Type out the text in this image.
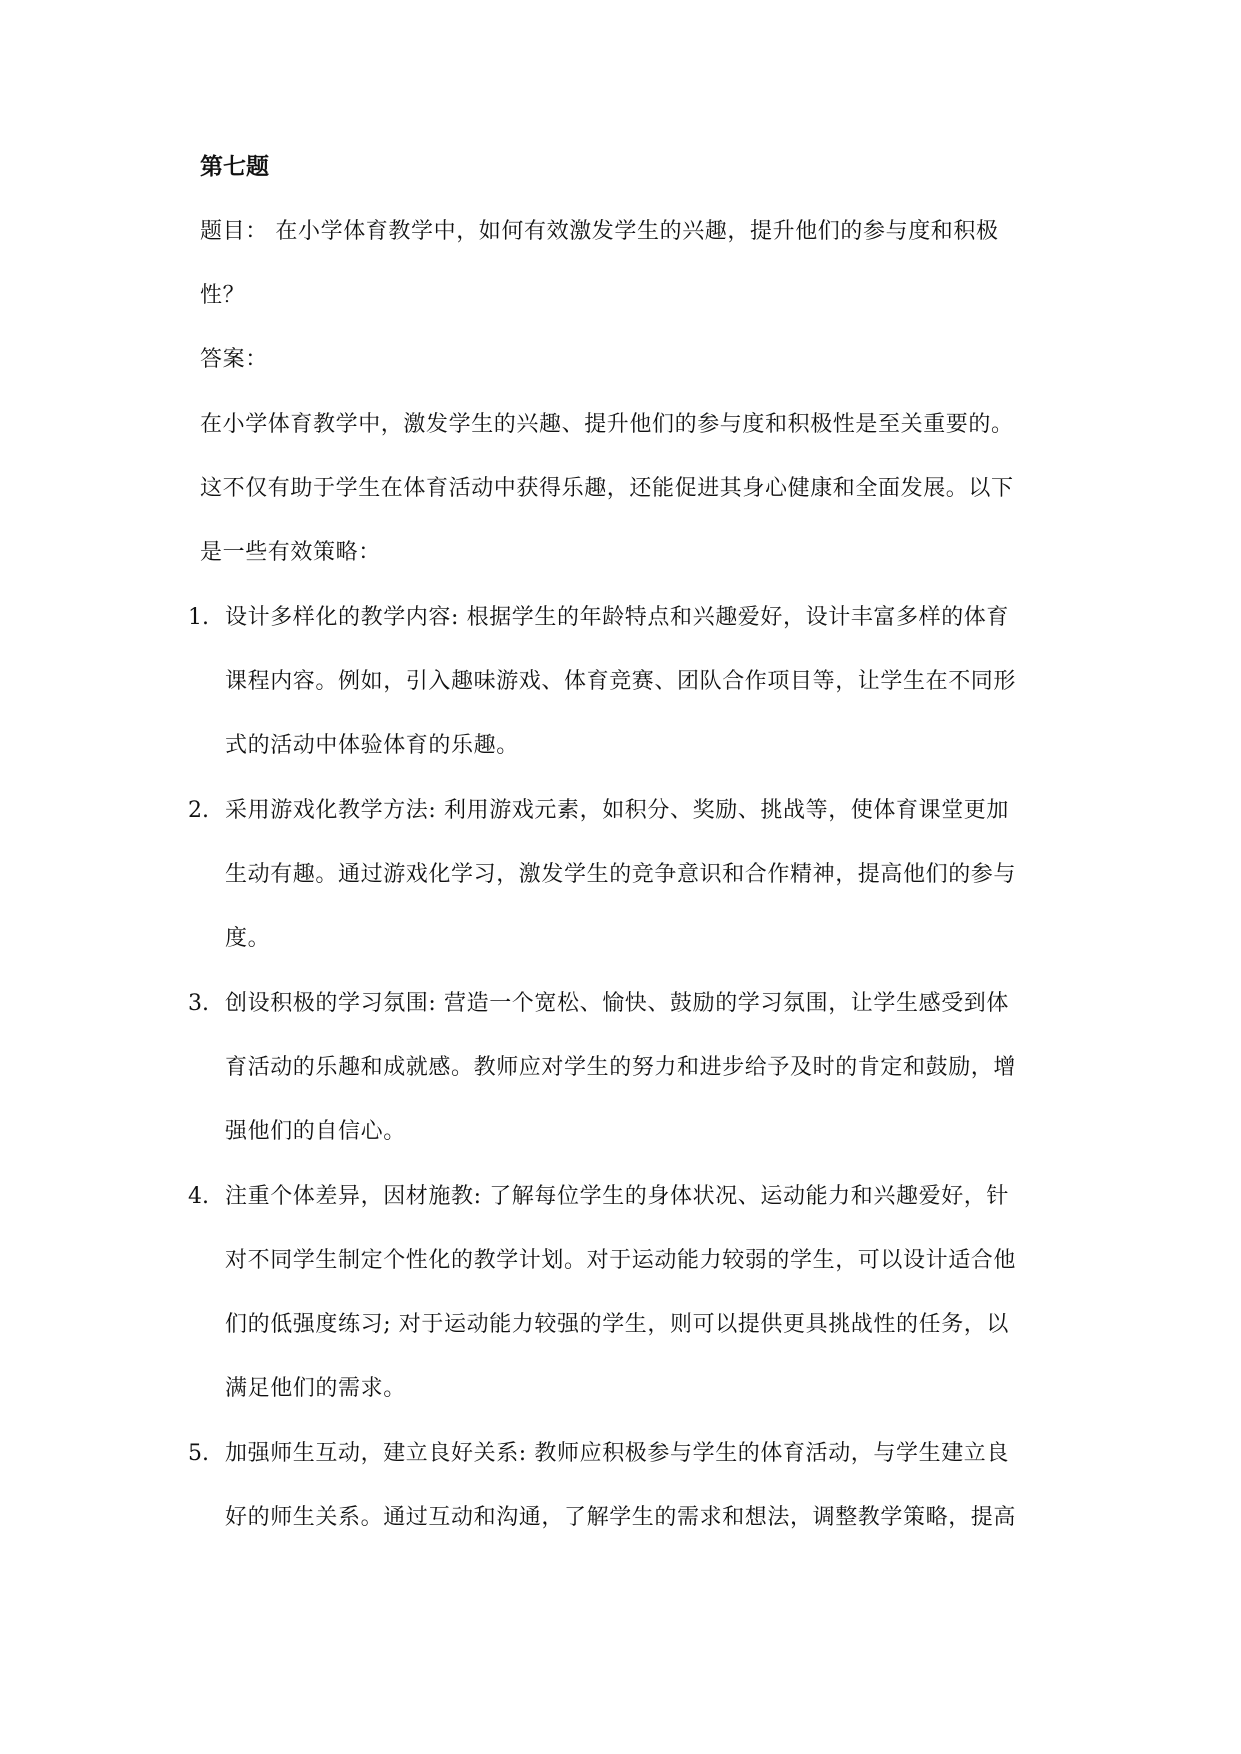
第七题
题目： 在小学体育教学中，如何有效激发学生的兴趣，提升他们的参与度和积极
性？
答案：
在小学体育教学中，激发学生的兴趣、提升他们的参与度和积极性是至关重要的。
这不仅有助于学生在体育活动中获得乐趣，还能促进其身心健康和全面发展。以下
是一些有效策略：
1. 设计多样化的教学内容: 根据学生的年龄特点和兴趣爱好，设计丰富多样的体育
课程内容。例如，引入趣味游戏、体育竞赛、团队合作项目等，让学生在不同形
式的活动中体验体育的乐趣。
2. 采用游戏化教学方法: 利用游戏元素，如积分、奖励、挑战等，使体育课堂更加
生动有趣。通过游戏化学习，激发学生的竞争意识和合作精神，提高他们的参与
度。
3. 创设积极的学习氛围: 营造一个宽松、愉快、鼓励的学习氛围，让学生感受到体
育活动的乐趣和成就感。教师应对学生的努力和进步给予及时的肯定和鼓励，增
强他们的自信心。
4. 注重个体差异，因材施教: 了解每位学生的身体状况、运动能力和兴趣爱好，针
对不同学生制定个性化的教学计划。对于运动能力较弱的学生，可以设计适合他
们的低强度练习; 对于运动能力较强的学生，则可以提供更具挑战性的任务，以
满足他们的需求。
5. 加强师生互动，建立良好关系: 教师应积极参与学生的体育活动，与学生建立良
好的师生关系。通过互动和沟通，了解学生的需求和想法，调整教学策略，提高
